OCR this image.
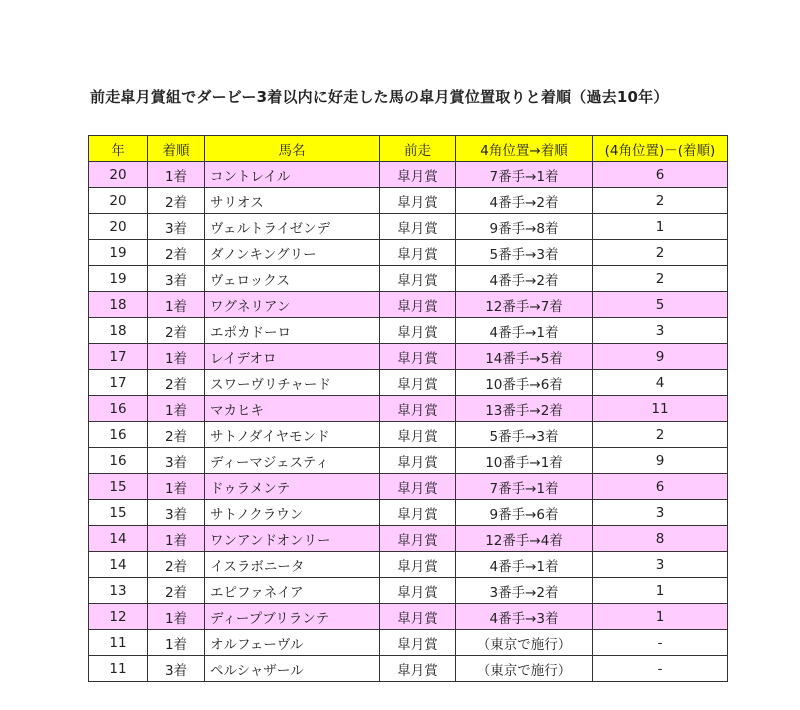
前走皐月賞組でダービー3着以内に好走した馬の皐月賞位置取りと着順（過去10年）
年	着順	馬名	前走	4角位置→着順	(4角位置)－(着順)
20	1着	コントレイル	皐月賞	7番手→1着	6
20	2着	サリオス	皐月賞	4番手→2着	2
20	3着	ヴェルトライゼンデ	皐月賞	9番手→8着	1
19	2着	ダノンキングリー	皐月賞	5番手→3着	2
19	3着	ヴェロックス	皐月賞	4番手→2着	2
18	1着	ワグネリアン	皐月賞	12番手→7着	5
18	2着	エポカドーロ	皐月賞	4番手→1着	3
17	1着	レイデオロ	皐月賞	14番手→5着	9
17	2着	スワーヴリチャード	皐月賞	10番手→6着	4
16	1着	マカヒキ	皐月賞	13番手→2着	11
16	2着	サトノダイヤモンド	皐月賞	5番手→3着	2
16	3着	ディーマジェスティ	皐月賞	10番手→1着	9
15	1着	ドゥラメンテ	皐月賞	7番手→1着	6
15	3着	サトノクラウン	皐月賞	9番手→6着	3
14	1着	ワンアンドオンリー	皐月賞	12番手→4着	8
14	2着	イスラボニータ	皐月賞	4番手→1着	3
13	2着	エピファネイア	皐月賞	3番手→2着	1
12	1着	ディープブリランテ	皐月賞	4番手→3着	1
11	1着	オルフェーヴル	皐月賞	（東京で施行）	-
11	3着	ペルシャザール	皐月賞	（東京で施行）	-
